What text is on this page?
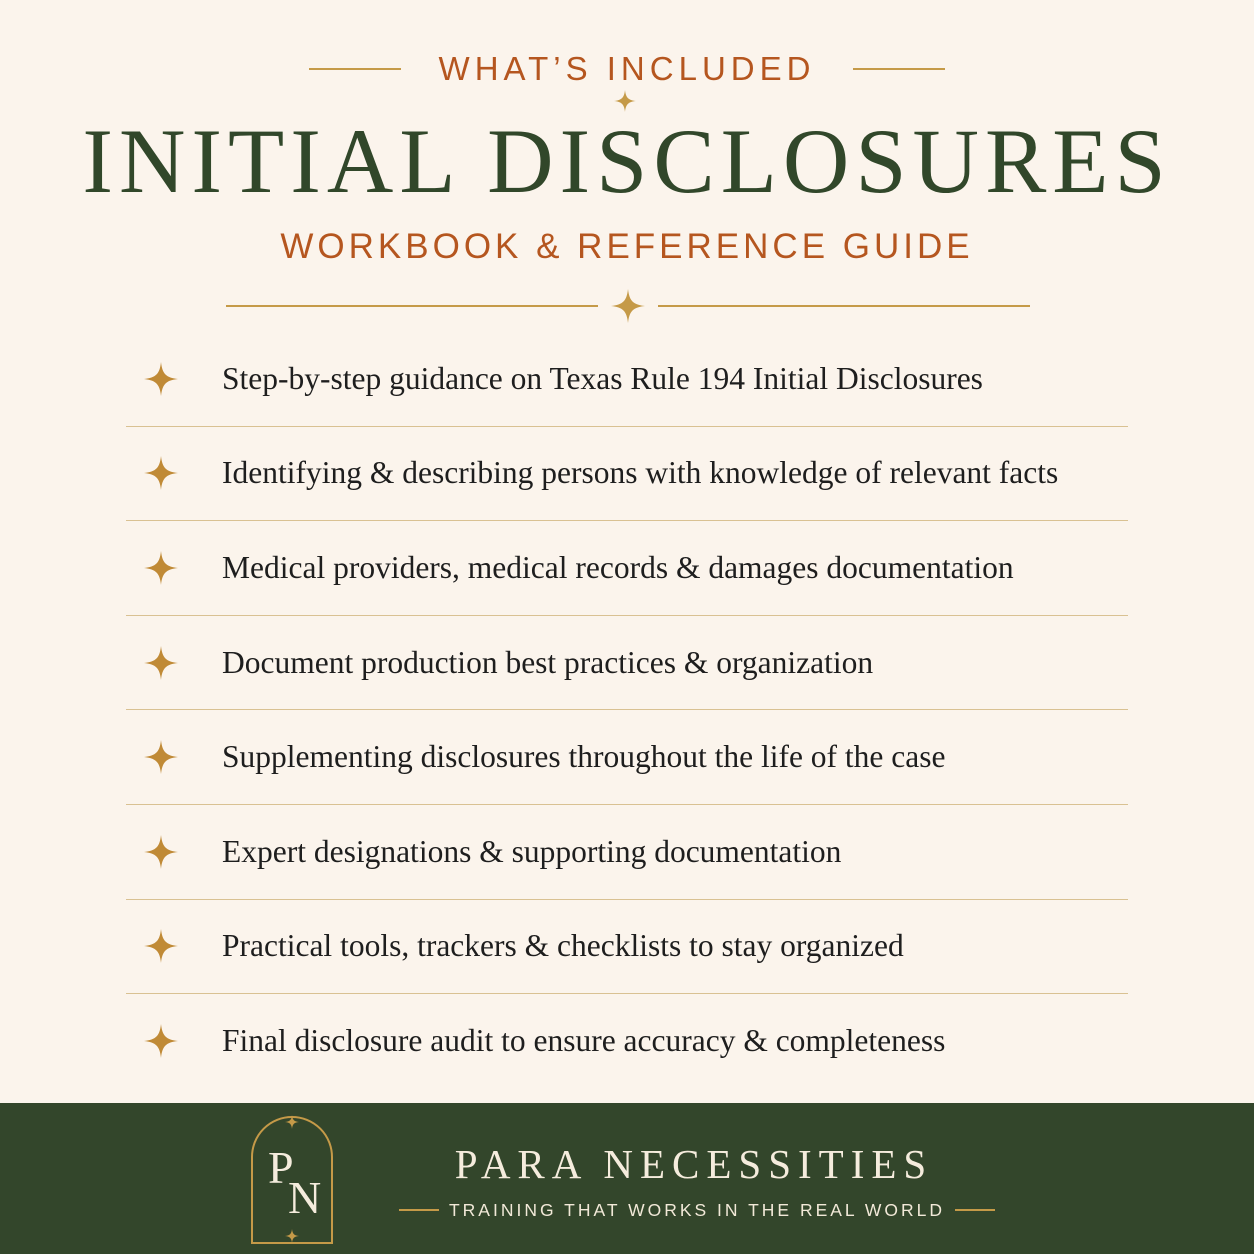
WHAT’S INCLUDED
INITIAL DISCLOSURES
WORKBOOK & REFERENCE GUIDE
Step-by-step guidance on Texas Rule 194 Initial Disclosures
Identifying & describing persons with knowledge of relevant facts
Medical providers, medical records & damages documentation
Document production best practices & organization
Supplementing disclosures throughout the life of the case
Expert designations & supporting documentation
Practical tools, trackers & checklists to stay organized
Final disclosure audit to ensure accuracy & completeness
P
N
PARA NECESSITIES
TRAINING THAT WORKS IN THE REAL WORLD
